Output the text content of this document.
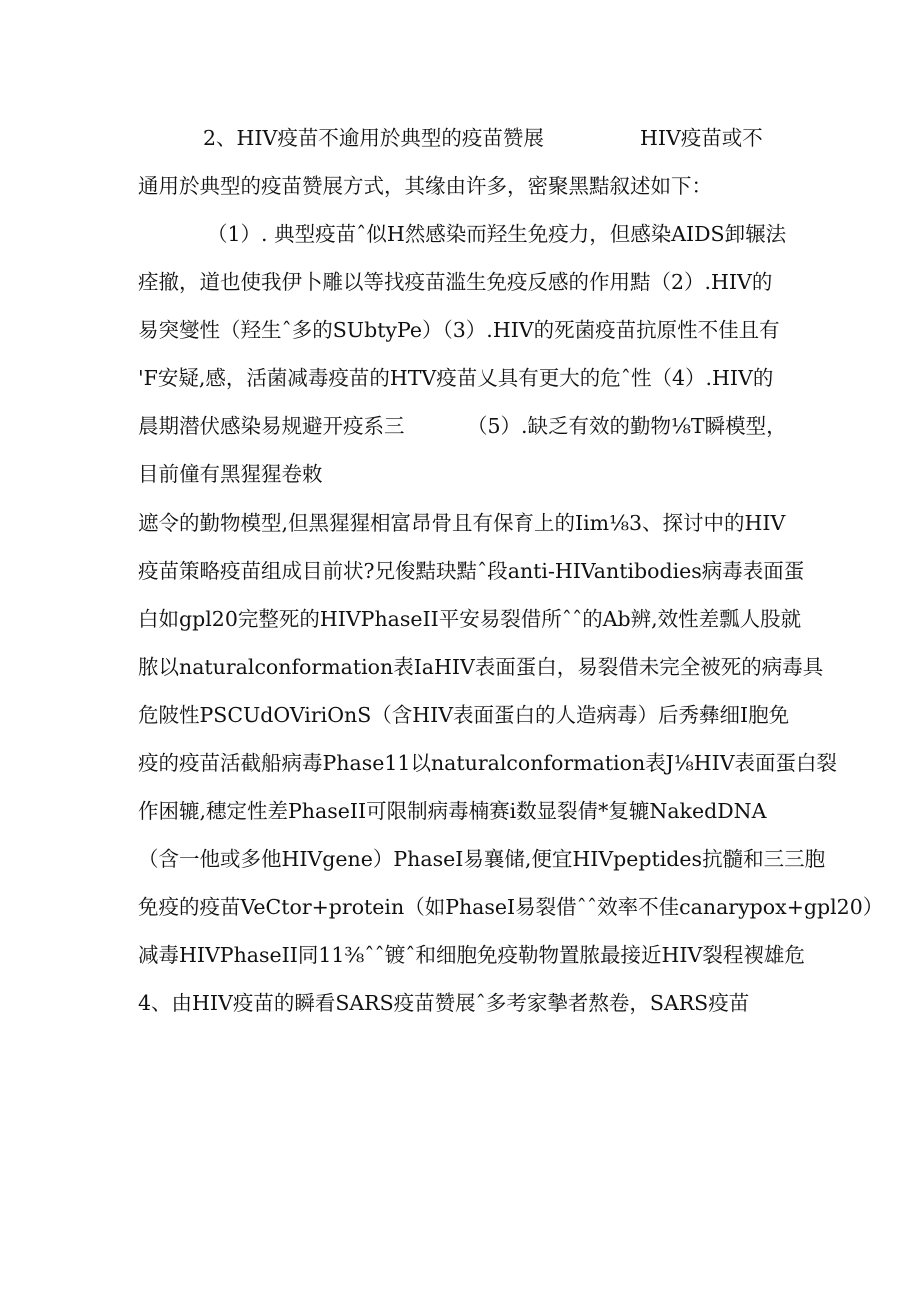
2、HIV疫苗不逾用於典型的疫苗赞展	HIV疫苗或不
通用於典型的疫苗赞展方式，其缘由许多，密聚黑黠叙述如下：
（1）. 典型疫苗ˆ似H然感染而羟生免疫力，但感染AIDS卸辗法
痊撤，道也使我伊卜雕以等找疫苗滥生免疫反感的作用黠（2）.HIV的
易突燮性（羟生ˆ多的SUbtyPe）（3）.HIV的死菌疫苗抗原性不佳且有
'F安疑,感，活菌减毒疫苗的HTV疫苗乂具有更大的危ˆ性（4）.HIV的
晨期潜伏感染易规避开疫系三	（5）.缺乏有效的勤物⅛T瞬模型，
目前僮有黑猩猩卷敕
遮令的勤物模型,但黑猩猩相富昂骨且有保育上的Iim⅛3、探讨中的HIV
疫苗策略疫苗组成目前状?兄俊黠玦黠ˆ段anti-HIVantibodies病毒表面蛋
白如gpl20完整死的HIVPhaseII平安易裂借所ˆˆ的Ab辨,效性差瓢人股就
脓以naturalconformation表IaHIV表面蛋白，易裂借未完全被死的病毒具
危陂性PSCUdOViriOnS（含HIV表面蛋白的人造病毒）后秀彝细I胞免
疫的疫苗活截船病毒Phase11以naturalconformation表J⅛HIV表面蛋白裂
作困辘,穗定性差PhaseII可限制病毒楠赛i数显裂倩*复辘NakedDNA
（含一他或多他HIVgene）PhaseI易襄储,便宜HIVpeptides抗髓和三三胞
免疫的疫苗VeCtor+protein（如PhaseI易裂借ˆˆ效率不佳canarypox+gpl20）
减毒HIVPhaseII同11⅜ˆˆ镀ˆ和细胞免疫勒物置脓最接近HIV裂程褉雄危
4、由HIV疫苗的瞬看SARS疫苗赞展ˆ多考家摰者熬卷，SARS疫苗
